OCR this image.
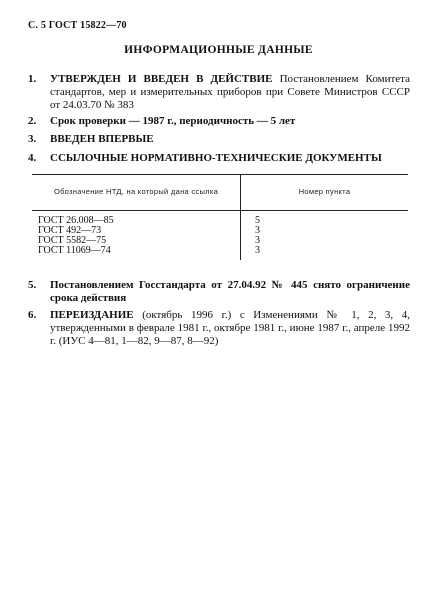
С. 5 ГОСТ 15822—70
ИНФОРМАЦИОННЫЕ ДАННЫЕ
1. УТВЕРЖДЕН И ВВЕДЕН В ДЕЙСТВИЕ Постановлением Комитета стандартов, мер и измерительных приборов при Совете Министров СССР от 24.03.70 № 383
2. Срок проверки — 1987 г., периодичность — 5 лет
3. ВВЕДЕН ВПЕРВЫЕ
4. ССЫЛОЧНЫЕ НОРМАТИВНО-ТЕХНИЧЕСКИЕ ДОКУМЕНТЫ
Обозначение НТД, на который дана ссылка	Номер пункта
ГОСТ 26.008—85	5
ГОСТ 492—73	3
ГОСТ 5582—75	3
ГОСТ 11069—74	3
5. Постановлением Госстандарта от 27.04.92 № 445 снято ограничение срока действия
6. ПЕРЕИЗДАНИЕ (октябрь 1996 г.) с Изменениями № 1, 2, 3, 4, утвержденными в феврале 1981 г., октябре 1981 г., июне 1987 г., апреле 1992 г. (ИУС 4—81, 1—82, 9—87, 8—92)
